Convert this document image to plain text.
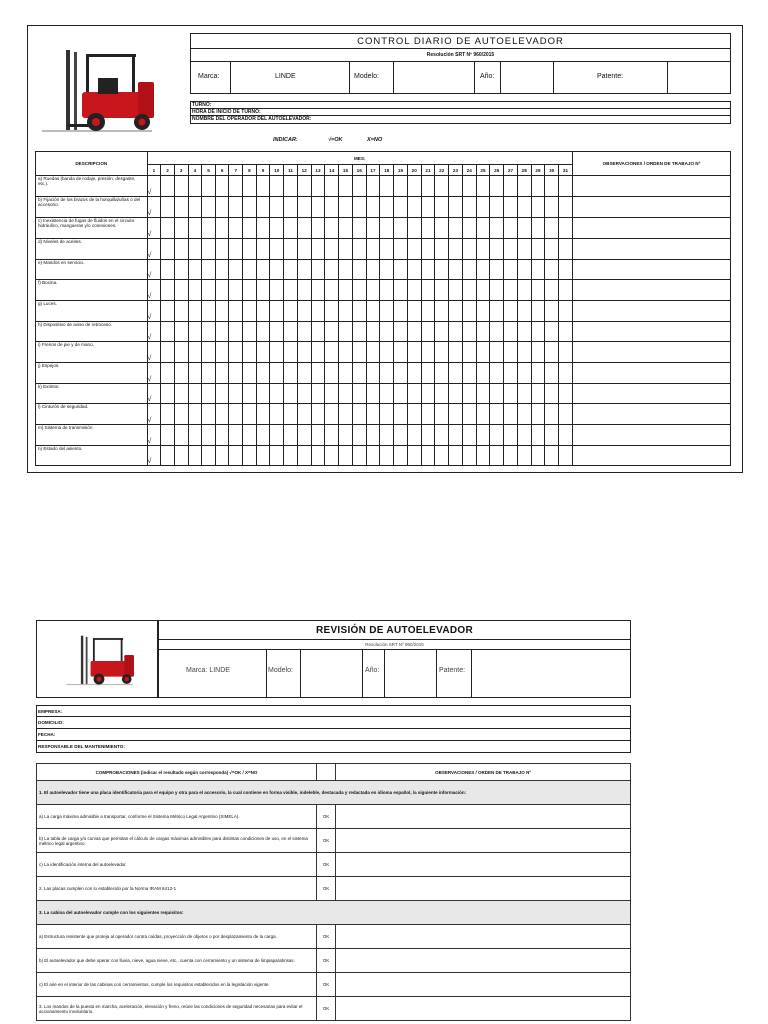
CONTROL DIARIO DE AUTOELEVADOR
Resolución SRT Nº 960/2015
Marca:	LINDE	Modelo:	Año:	Patente:
TURNO:
HORA DE INICIO DE TURNO:
NOMBRE DEL OPERADOR DEL AUTOELEVADOR:
INDICAR:	√=OK	X=NO
DESCRIPCION	MES:																															OBSERVACIONES / ORDEN DE TRABAJO Nº
	1	2	3	4	5	6	7	8	9	10	11	12	13	14	15	16	17	18	19	20	21	22	23	24	25	26	27	28	29	30	31	
a) Ruedas (banda de rodaje, presión, desgaste, etc.).	√																															
b) Fijación de los brazos de la horquilla/uñas o del accesorio.	√																															
c) Inexistencia de fugas de fluidos en el circuito hidráulico, mangueras y/o conexiones.	√																															
d) Niveles de aceites.	√																															
e) Mandos en servicio.	√																															
f) Bocina.	√																															
g) Luces.	√																															
h) Dispositivo de aviso de retroceso.	√																															
i) Frenos de pie y de mano.	√																															
j) Espejos.	√																															
k) Extintor.	√																															
l) Cinturón de seguridad.	√																															
m) Sistema de transmisión.	√																															
n) Estado del asiento.	√																															
REVISIÓN DE AUTOELEVADOR
Resolución SRT Nº 960/2015
Marca: LINDE	Modelo:	Año:	Patente:
EMPRESA:
DOMICILIO:
FECHA:
RESPONSABLE DEL MANTENIMIENTO:
COMPROBACIONES (indicar el resultado según corresponda) √=OK / X=NO		OBSERVACIONES / ORDEN DE TRABAJO Nº
1. El autoelevador tiene una placa identificatoria para el equipo y otra para el accesorio, la cual contiene en forma visible, indeleble, destacada y redactada en idioma español, la siguiente información:		
a) La carga máxima admisible a transportar, conforme el Sistema Métrico Legal Argentino (SIMELA).	OK	
b) La tabla de carga y/o curvas que permitan el cálculo de cargas máximas admisibles para distintas condiciones de uso, en el sistema métrico legal argentino.	OK	
c) La identificación interna del autoelevador.	OK	
2. Las placas cumplen con lo establecido por la Norma IRAM 8412-1	OK	
3. La cabina del autoelevador cumple con los siguientes requisitos:		
a) Estructura resistente que proteja al operador contra caídas, proyección de objetos o por desplazamiento de la carga.	OK	
b) El autoelevador que debe operar con lluvia, nieve, agua nieve, etc., cuenta con cerramiento y un sistema de limpiaparabrisas.	OK	
c) El aire en el interior de las cabinas con cerramientos, cumple los requisitos establecidos en la legislación vigente.	OK	
3. Los mandos de la puesta en marcha, aceleración, elevación y freno, reúne las condiciones de seguridad necesarias para evitar el accionamiento involuntario.	OK	
